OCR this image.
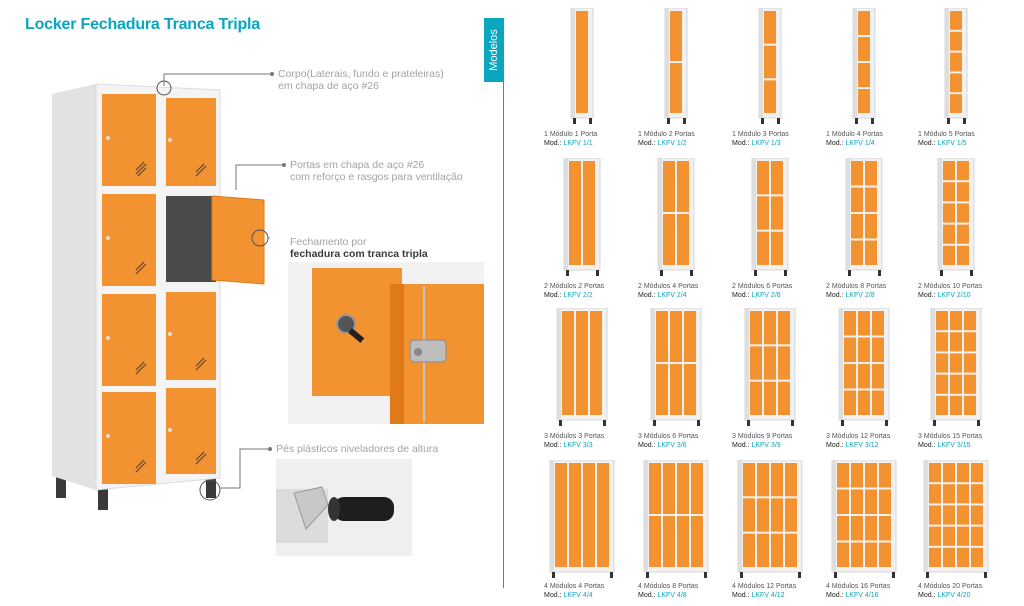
Locker Fechadura Tranca Tripla
Corpo(Laterais, fundo e prateleiras)
em chapa de aço #26
Portas em chapa de aço #26
com reforço e rasgos para ventilação
Fechamento por
fechadura com tranca tripla
Pés plásticos niveladores de altura
Modelos
1 Módulo 1 Porta
Mod.: LKFV 1/1
1 Módulo 2 Portas
Mod.: LKFV 1/2
1 Módulo 3 Portas
Mod.: LKFV 1/3
1 Módulo 4 Portas
Mod.: LKFV 1/4
1 Módulo 5 Portas
Mod.: LKFV 1/5
2 Módulos 2 Portas
Mod.: LKFV 2/2
2 Módulos 4 Portas
Mod.: LKFV 2/4
2 Módulos 6 Portas
Mod.: LKFV 2/6
2 Módulos 8 Portas
Mod.: LKFV 2/8
2 Módulos 10 Portas
Mod.: LKFV 2/10
3 Módulos 3 Portas
Mod.: LKFV 3/3
3 Módulos 6 Portas
Mod.: LKFV 3/6
3 Módulos 9 Portas
Mod.: LKFV 3/9
3 Módulos 12 Portas
Mod.: LKFV 3/12
3 Módulos 15 Portas
Mod.: LKFV 3/15
4 Módulos 4 Portas
Mod.: LKFV 4/4
4 Módulos 8 Portas
Mod.: LKFV 4/8
4 Módulos 12 Portas
Mod.: LKFV 4/12
4 Módulos 16 Portas
Mod.: LKFV 4/16
4 Módulos 20 Portas
Mod.: LKFV 4/20
